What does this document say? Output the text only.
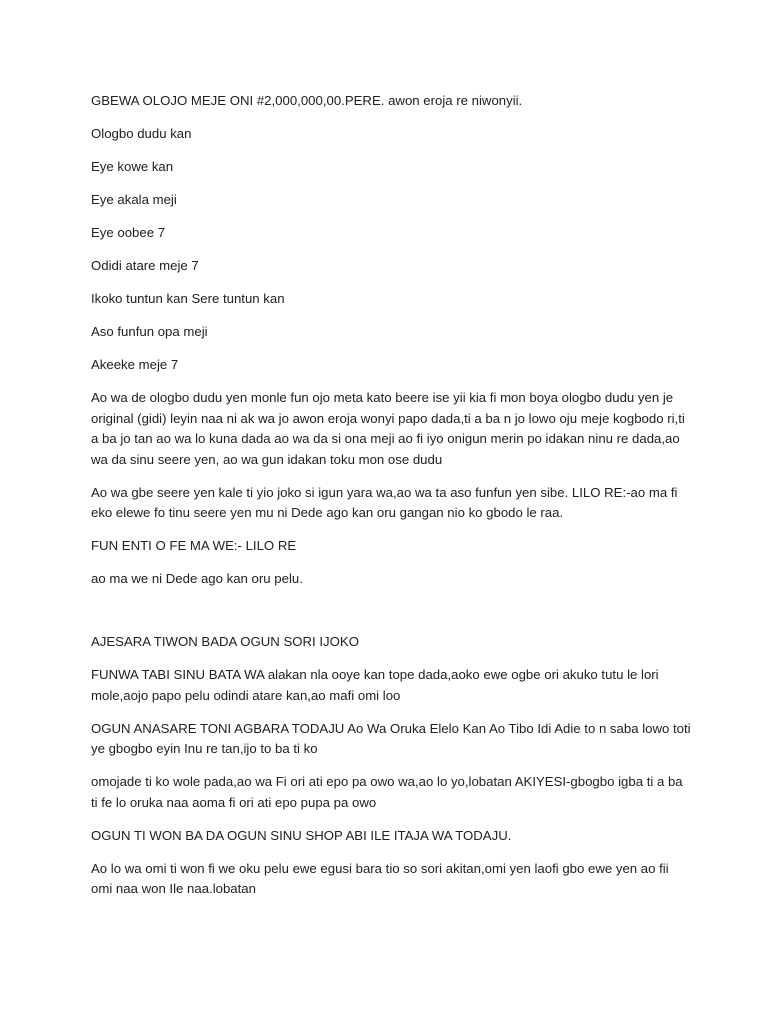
GBEWA OLOJO MEJE ONI #2,000,000,00.PERE. awon eroja re niwonyii.

Ologbo dudu kan

Eye kowe kan

Eye akala meji

Eye oobee 7

Odidi atare meje 7

Ikoko tuntun kan Sere tuntun kan

Aso funfun opa meji

Akeeke meje 7

Ao wa de ologbo dudu yen monle fun ojo meta kato beere ise yii kia fi mon boya ologbo dudu yen je original (gidi) leyin naa ni ak wa jo awon eroja wonyi papo dada,ti a ba n jo lowo oju meje kogbodo ri,ti a ba jo tan ao wa lo kuna dada ao wa da si ona meji ao fi iyo onigun merin po idakan ninu re dada,ao wa da sinu seere yen, ao wa gun idakan toku mon ose dudu

Ao wa gbe seere yen kale ti yio joko si igun yara wa,ao wa ta aso funfun yen sibe. LILO RE:-ao ma fi eko elewe fo tinu seere yen mu ni Dede ago kan oru gangan nio ko gbodo le raa.

FUN ENTI O FE MA WE:- LILO RE

ao ma we ni Dede ago kan oru pelu.

AJESARA TIWON BADA OGUN SORI IJOKO

FUNWA TABI SINU BATA WA alakan nla ooye kan tope dada,aoko ewe ogbe ori akuko tutu le lori mole,aojo papo pelu odindi atare kan,ao mafi omi loo

OGUN ANASARE TONI AGBARA TODAJU Ao Wa Oruka Elelo Kan Ao Tibo Idi Adie to n saba lowo toti ye gbogbo eyin Inu re tan,ijo to ba ti ko

omojade ti ko wole pada,ao wa Fi ori ati epo pa owo wa,ao lo yo,lobatan AKIYESI-gbogbo igba ti a ba ti fe lo oruka naa aoma fi ori ati epo pupa pa owo

OGUN TI WON BA DA OGUN SINU SHOP ABI ILE ITAJA WA TODAJU.

Ao lo wa omi ti won fi we oku pelu ewe egusi bara tio so sori akitan,omi yen laofi gbo ewe yen ao fii omi naa won Ile naa.lobatan
